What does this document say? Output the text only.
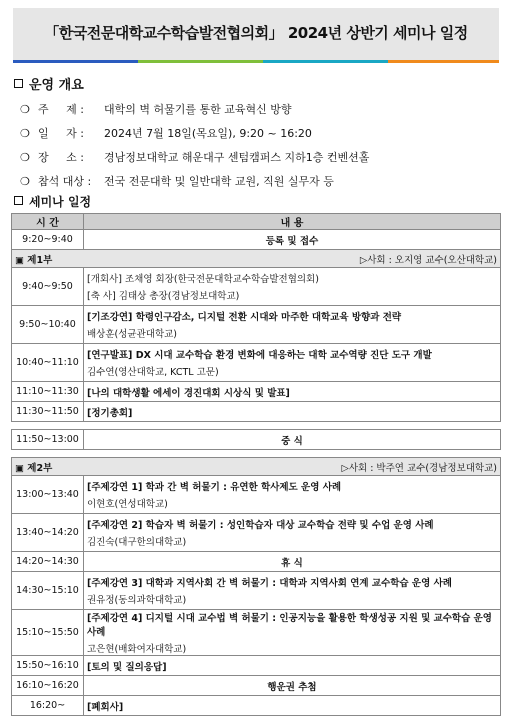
「한국전문대학교수학습발전협의회」 2024년 상반기 세미나 일정
운영 개요
❍ 주     제 :	대학의 벽 허물기를 통한 교육혁신 방향
❍ 일     자 :	2024년 7월 18일(목요일), 9:20 ~ 16:20
❍ 장     소 :	경남정보대학교 해운대구 센텀캠퍼스 지하1층 컨벤션홀
❍ 참석 대상 :	전국 전문대학 및 일반대학 교원, 직원 실무자 등
세미나 일정
시 간	내 용
9:20~9:40	등록 및 접수
▣ 제1부 ▷사회 : 오지영 교수(오산대학교)	

9:40~9:50	[개회사] 조채영 회장(한국전문대학교수학습발전협의회)
[축 사] 김태상 총장(경남정보대학교)

9:50~10:40	[기조강연] 학령인구감소, 디지털 전환 시대와 마주한 대학교육 방향과 전략
배상훈(성균관대학교)

10:40~11:10	[연구발표] DX 시대 교수학습 환경 변화에 대응하는 대학 교수역량 진단 도구 개발
김수연(영산대학교, KCTL 고문)

11:10~11:30	[나의 대학생활 에세이 경진대회 시상식 및 발표]
11:30~11:50	[정기총회]

11:50~13:00	중 식

▣ 제2부 ▷사회 : 박주연 교수(경남정보대학교)	

13:00~13:40	[주제강연 1] 학과 간 벽 허물기 : 유연한 학사제도 운영 사례
이현호(연성대학교)

13:40~14:20	[주제강연 2] 학습자 벽 허물기 : 성인학습자 대상 교수학습 전략 및 수업 운영 사례
김진숙(대구한의대학교)

14:20~14:30	휴 식
14:30~15:10	[주제강연 3] 대학과 지역사회 간 벽 허물기 : 대학과 지역사회 연계 교수학습 운영 사례
권유정(동의과학대학교)

15:10~15:50	[주제강연 4] 디지털 시대 교수법 벽 허물기 : 인공지능을 활용한 학생성공 지원 및 교수학습 운영 사례
고은현(배화여자대학교)

15:50~16:10	[토의 및 질의응답]
16:10~16:20	행운권 추첨
16:20~	[폐회사]
